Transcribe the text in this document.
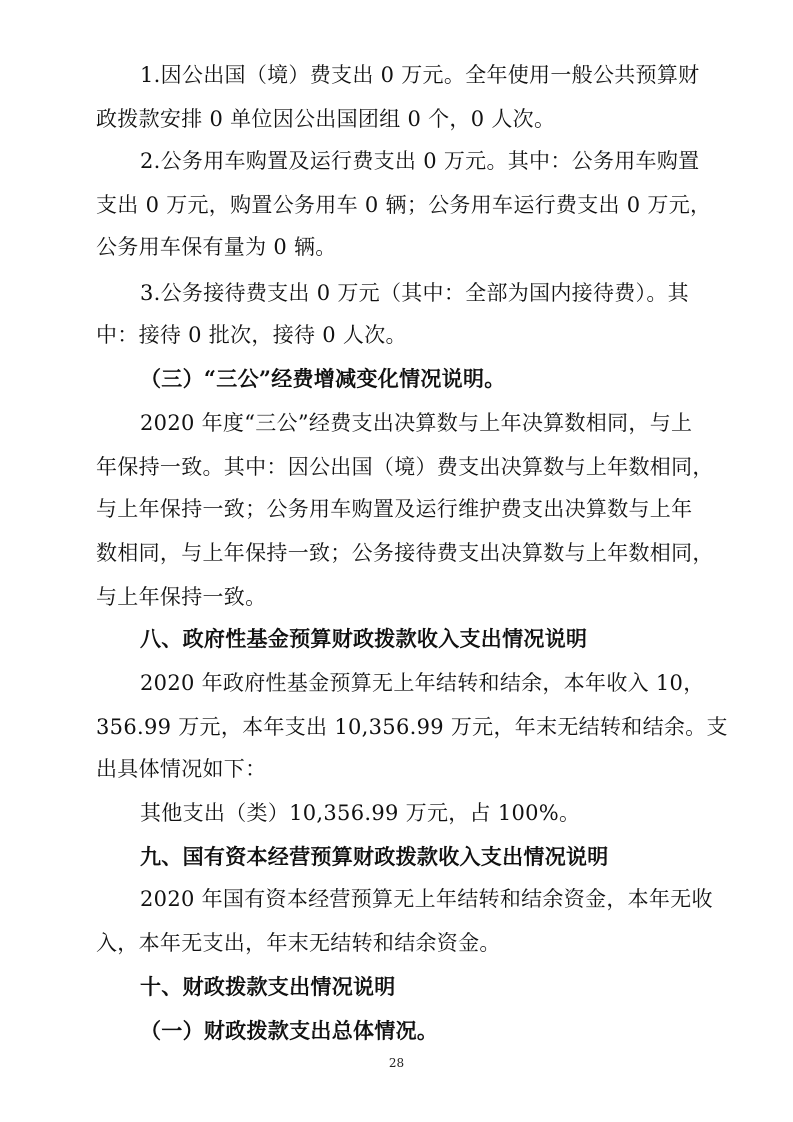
1.因公出国（境）费支出 0 万元。全年使用一般公共预算财
政拨款安排 0 单位因公出国团组 0 个，0 人次。
2.公务用车购置及运行费支出 0 万元。其中：公务用车购置
支出 0 万元，购置公务用车 0 辆；公务用车运行费支出 0 万元，
公务用车保有量为 0 辆。
3.公务接待费支出 0 万元（其中：全部为国内接待费）。其
中：接待 0 批次，接待 0 人次。
（三）“三公”经费增减变化情况说明。
2020 年度“三公”经费支出决算数与上年决算数相同，与上
年保持一致。其中：因公出国（境）费支出决算数与上年数相同，
与上年保持一致；公务用车购置及运行维护费支出决算数与上年
数相同，与上年保持一致；公务接待费支出决算数与上年数相同，
与上年保持一致。
八、政府性基金预算财政拨款收入支出情况说明
2020 年政府性基金预算无上年结转和结余，本年收入 10，
356.99 万元，本年支出 10,356.99 万元，年末无结转和结余。支
出具体情况如下：
其他支出（类）10,356.99 万元，占 100%。
九、国有资本经营预算财政拨款收入支出情况说明
2020 年国有资本经营预算无上年结转和结余资金，本年无收
入，本年无支出，年末无结转和结余资金。
十、财政拨款支出情况说明
（一）财政拨款支出总体情况。
28
